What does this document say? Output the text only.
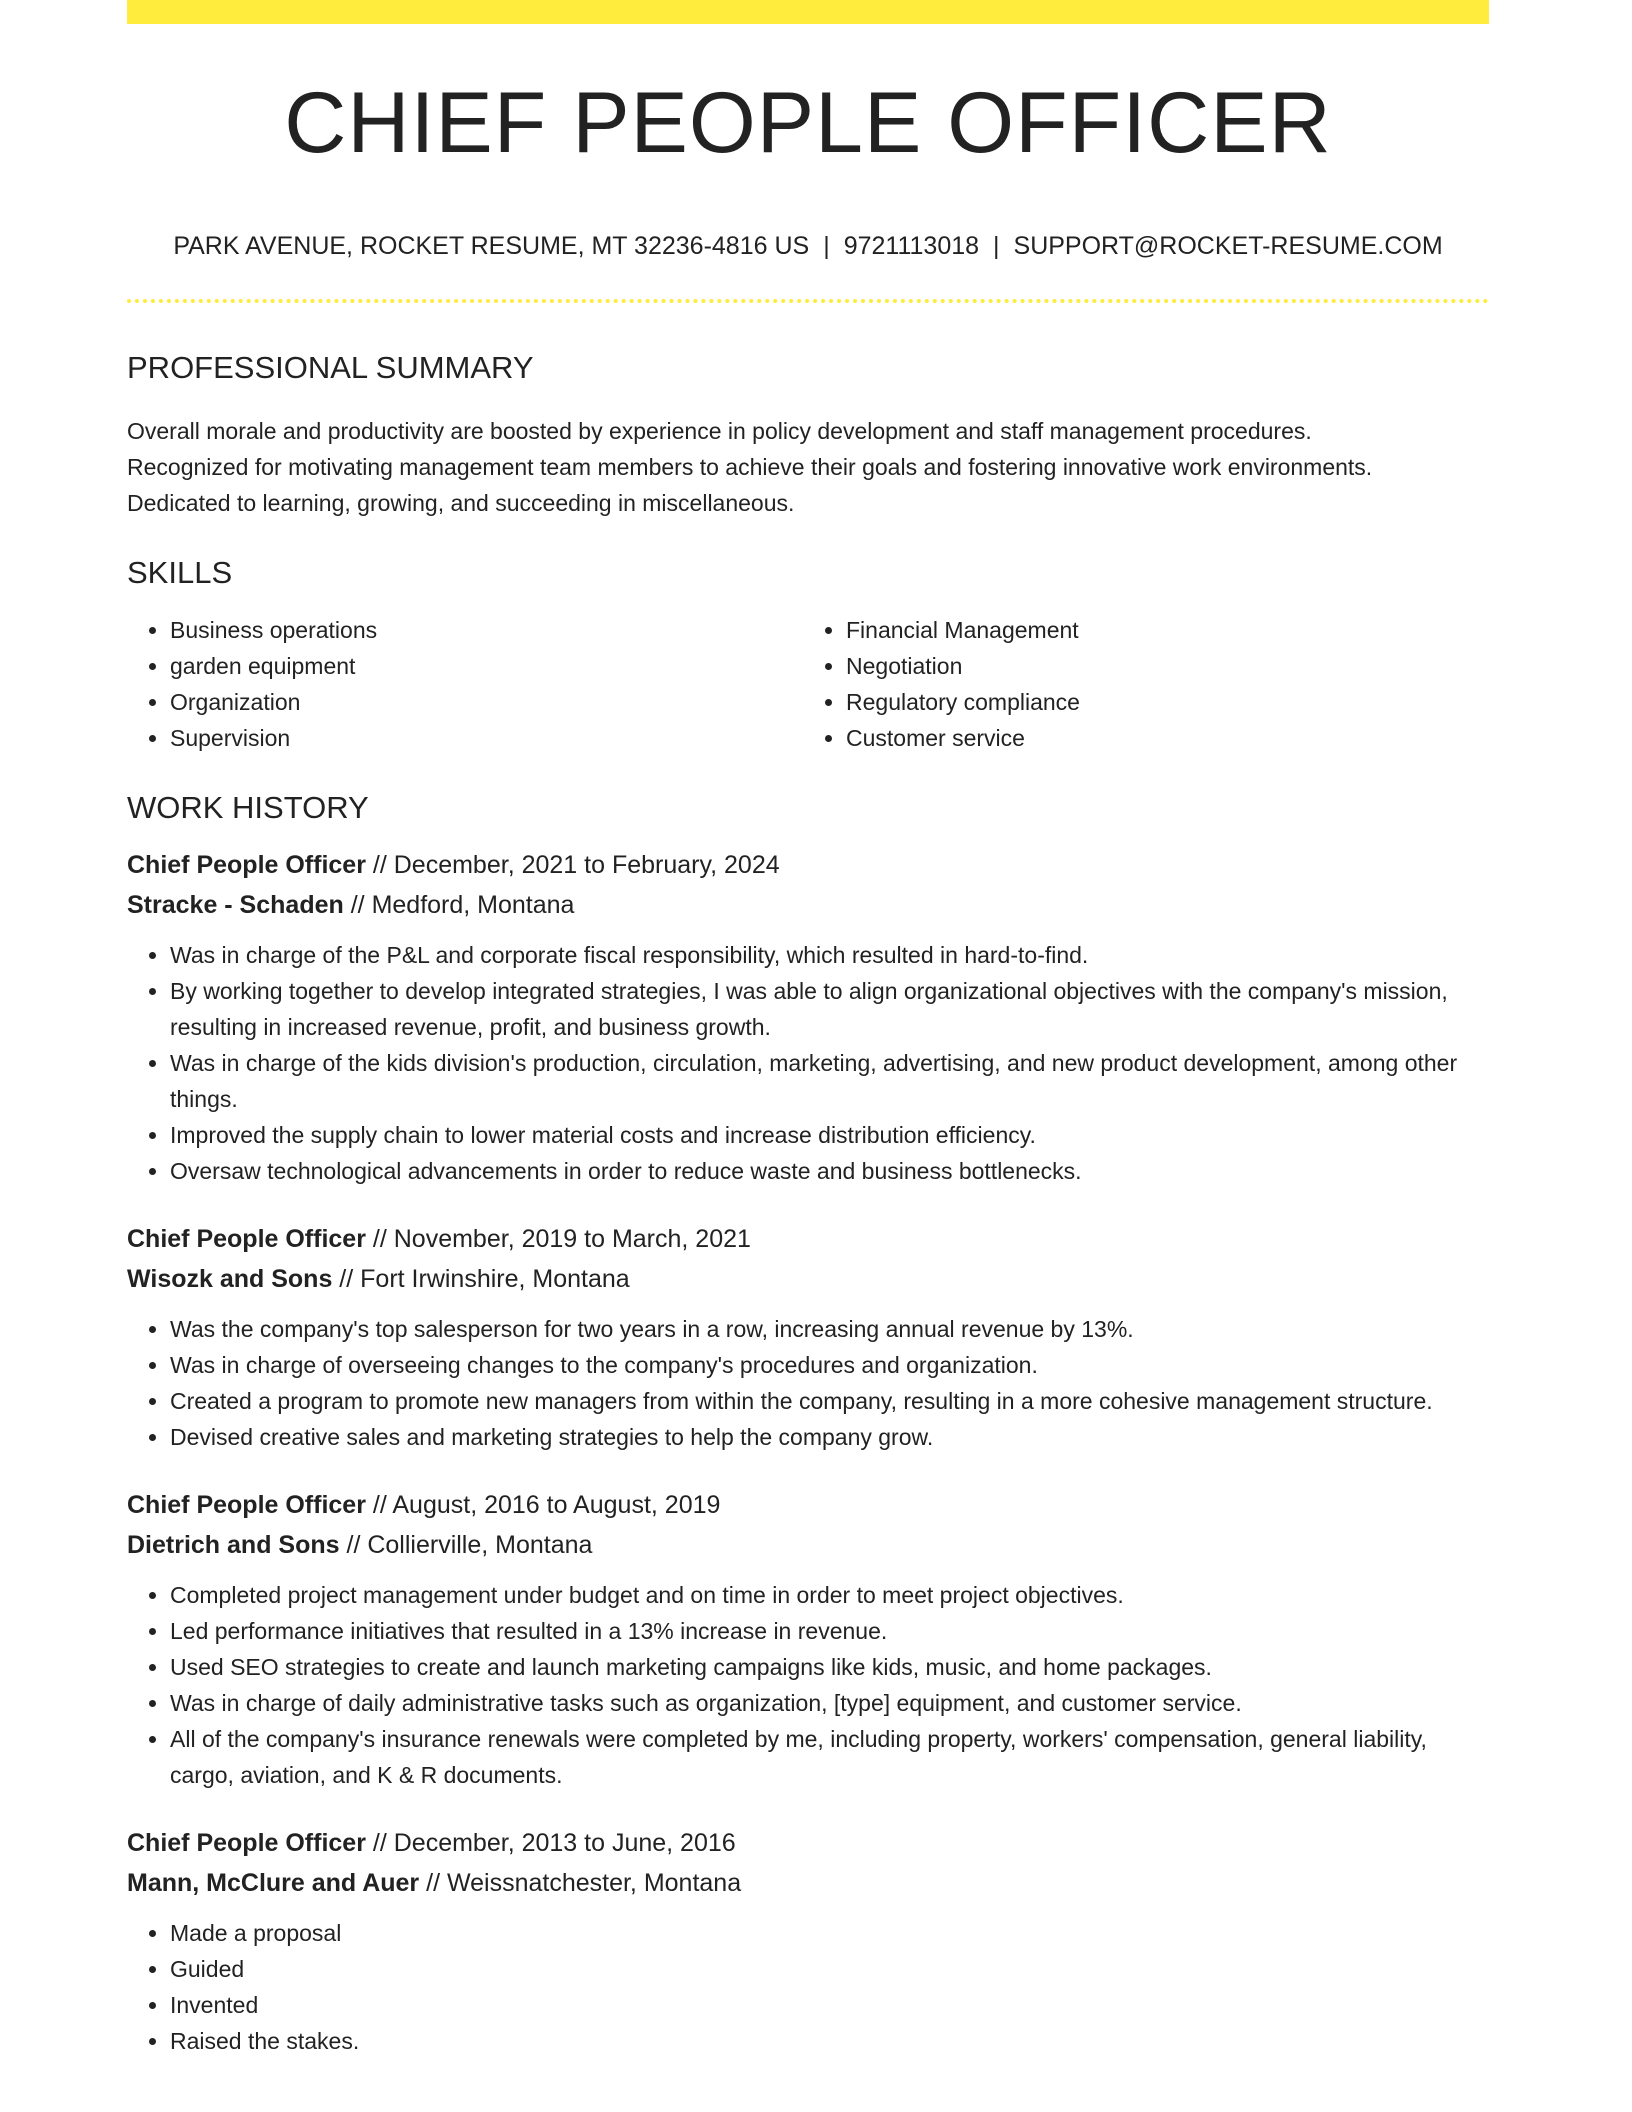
CHIEF PEOPLE OFFICER
PARK AVENUE, ROCKET RESUME, MT 32236-4816 US | 9721113018 | SUPPORT@ROCKET-RESUME.COM
PROFESSIONAL SUMMARY
Overall morale and productivity are boosted by experience in policy development and staff management procedures.
Recognized for motivating management team members to achieve their goals and fostering innovative work environments.
Dedicated to learning, growing, and succeeding in miscellaneous.
SKILLS
• Business operations
• garden equipment
• Organization
• Supervision
• Financial Management
• Negotiation
• Regulatory compliance
• Customer service
WORK HISTORY
Chief People Officer // December, 2021 to February, 2024
Stracke - Schaden // Medford, Montana
• Was in charge of the P&L and corporate fiscal responsibility, which resulted in hard-to-find.
• By working together to develop integrated strategies, I was able to align organizational objectives with the company's mission, resulting in increased revenue, profit, and business growth.
• Was in charge of the kids division's production, circulation, marketing, advertising, and new product development, among other things.
• Improved the supply chain to lower material costs and increase distribution efficiency.
• Oversaw technological advancements in order to reduce waste and business bottlenecks.
Chief People Officer // November, 2019 to March, 2021
Wisozk and Sons // Fort Irwinshire, Montana
• Was the company's top salesperson for two years in a row, increasing annual revenue by 13%.
• Was in charge of overseeing changes to the company's procedures and organization.
• Created a program to promote new managers from within the company, resulting in a more cohesive management structure.
• Devised creative sales and marketing strategies to help the company grow.
Chief People Officer // August, 2016 to August, 2019
Dietrich and Sons // Collierville, Montana
• Completed project management under budget and on time in order to meet project objectives.
• Led performance initiatives that resulted in a 13% increase in revenue.
• Used SEO strategies to create and launch marketing campaigns like kids, music, and home packages.
• Was in charge of daily administrative tasks such as organization, [type] equipment, and customer service.
• All of the company's insurance renewals were completed by me, including property, workers' compensation, general liability, cargo, aviation, and K & R documents.
Chief People Officer // December, 2013 to June, 2016
Mann, McClure and Auer // Weissnatchester, Montana
• Made a proposal
• Guided
• Invented
• Raised the stakes.
